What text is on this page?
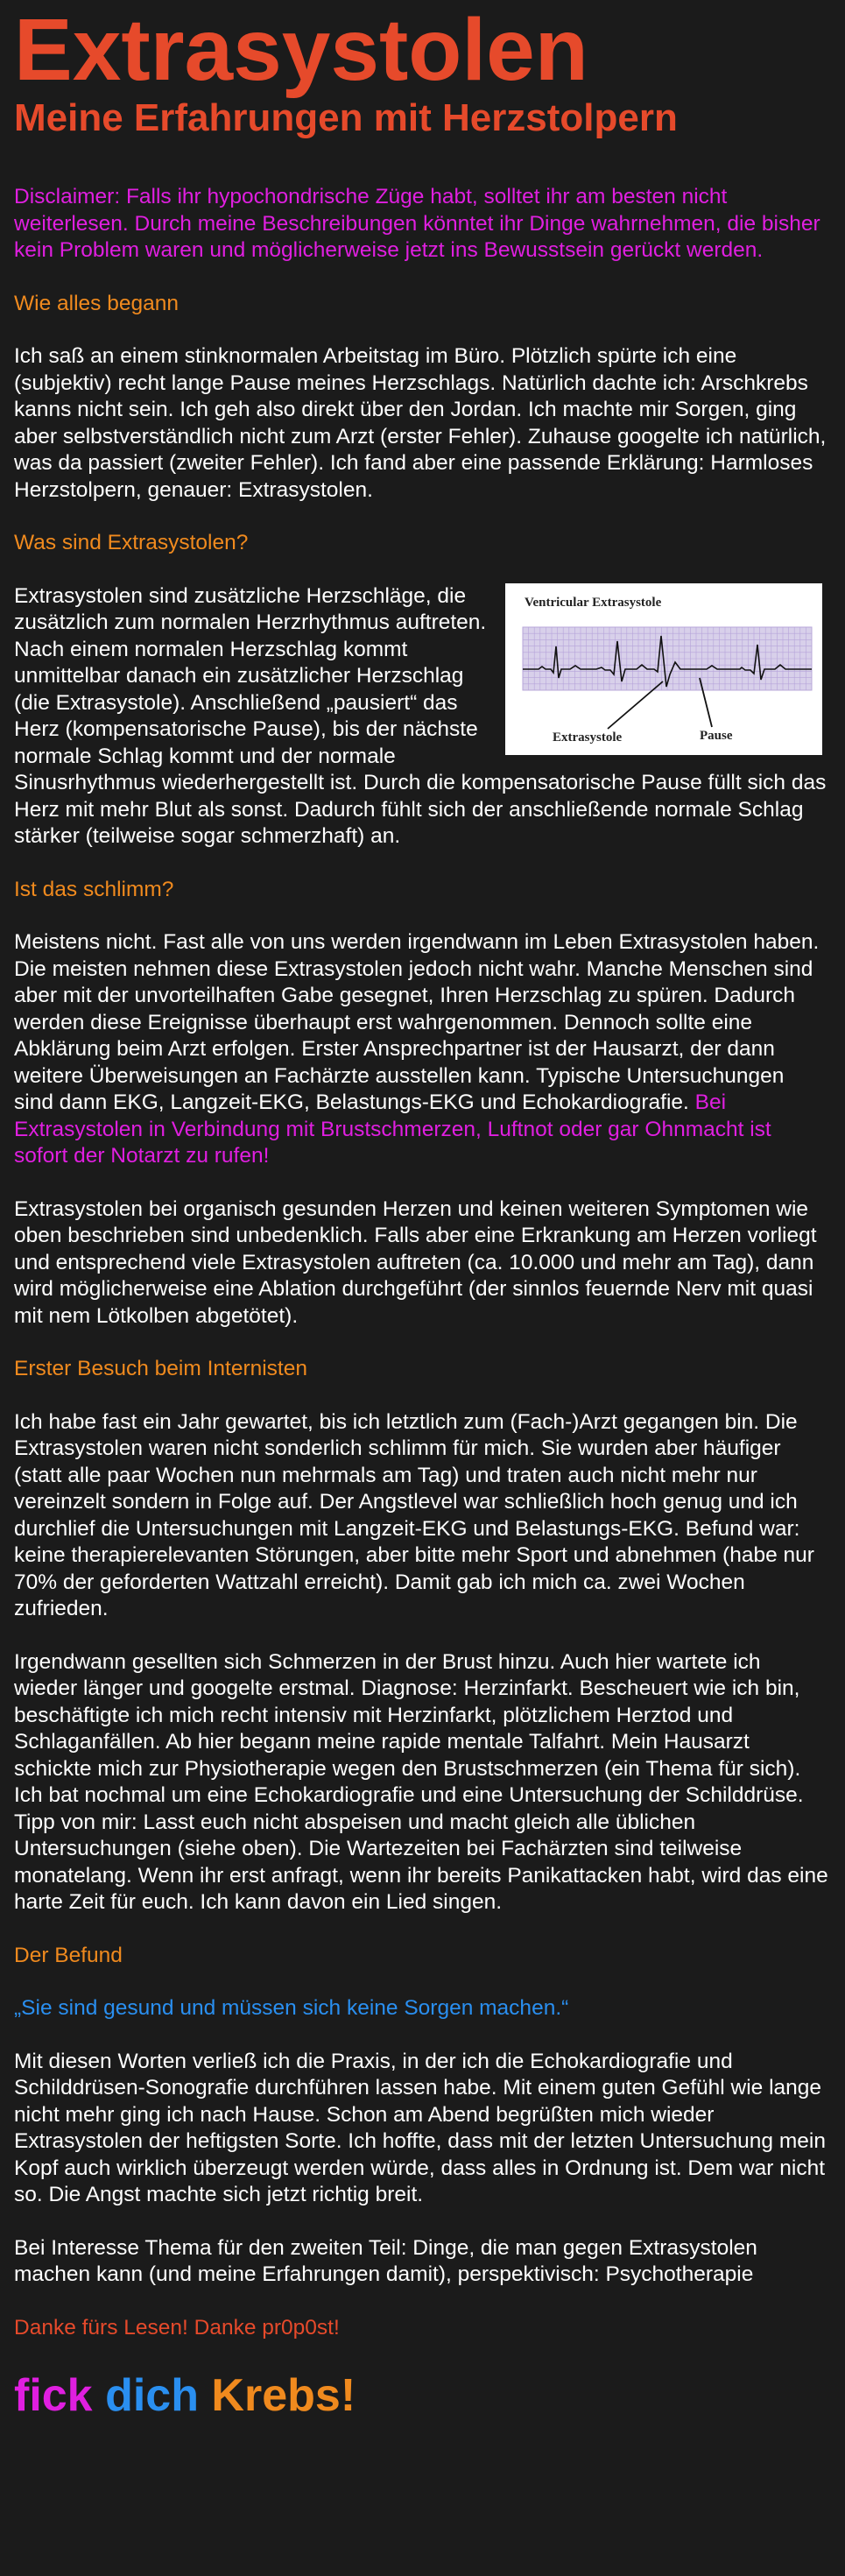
Extrasystolen
Meine Erfahrungen mit Herzstolpern

Disclaimer: Falls ihr hypochondrische Züge habt, solltet ihr am besten nicht weiterlesen. Durch meine Beschreibungen könntet ihr Dinge wahrnehmen, die bisher kein Problem waren und möglicherweise jetzt ins Bewusstsein gerückt werden.

Wie alles begann

Ich saß an einem stinknormalen Arbeitstag im Büro. Plötzlich spürte ich eine (subjektiv) recht lange Pause meines Herzschlags. Natürlich dachte ich: Arschkrebs kanns nicht sein. Ich geh also direkt über den Jordan. Ich machte mir Sorgen, ging aber selbstverständlich nicht zum Arzt (erster Fehler). Zuhause googelte ich natürlich, was da passiert (zweiter Fehler). Ich fand aber eine passende Erklärung: Harmloses Herzstolpern, genauer: Extrasystolen.

Was sind Extrasystolen?

Ventricular Extrasystole
Extrasystole	Pause

Extrasystolen sind zusätzliche Herzschläge, die zusätzlich zum normalen Herzrhythmus auftreten. Nach einem normalen Herzschlag kommt unmittelbar danach ein zusätzlicher Herzschlag (die Extrasystole). Anschließend „pausiert“ das Herz (kompensatorische Pause), bis der nächste normale Schlag kommt und der normale Sinusrhythmus wiederhergestellt ist. Durch die kompensatorische Pause füllt sich das Herz mit mehr Blut als sonst. Dadurch fühlt sich der anschließende normale Schlag stärker (teilweise sogar schmerzhaft) an.

Ist das schlimm?

Meistens nicht. Fast alle von uns werden irgendwann im Leben Extrasystolen haben. Die meisten nehmen diese Extrasystolen jedoch nicht wahr. Manche Menschen sind aber mit der unvorteilhaften Gabe gesegnet, Ihren Herzschlag zu spüren. Dadurch werden diese Ereignisse überhaupt erst wahrgenommen. Dennoch sollte eine Abklärung beim Arzt erfolgen. Erster Ansprechpartner ist der Hausarzt, der dann weitere Überweisungen an Fachärzte ausstellen kann. Typische Untersuchungen sind dann EKG, Langzeit-EKG, Belastungs-EKG und Echokardiografie. Bei Extrasystolen in Verbindung mit Brustschmerzen, Luftnot oder gar Ohnmacht ist sofort der Notarzt zu rufen!

Extrasystolen bei organisch gesunden Herzen und keinen weiteren Symptomen wie oben beschrieben sind unbedenklich. Falls aber eine Erkrankung am Herzen vorliegt und entsprechend viele Extrasystolen auftreten (ca. 10.000 und mehr am Tag), dann wird möglicherweise eine Ablation durchgeführt (der sinnlos feuernde Nerv mit quasi mit nem Lötkolben abgetötet).

Erster Besuch beim Internisten

Ich habe fast ein Jahr gewartet, bis ich letztlich zum (Fach-)Arzt gegangen bin. Die Extrasystolen waren nicht sonderlich schlimm für mich. Sie wurden aber häufiger (statt alle paar Wochen nun mehrmals am Tag) und traten auch nicht mehr nur vereinzelt sondern in Folge auf. Der Angstlevel war schließlich hoch genug und ich durchlief die Untersuchungen mit Langzeit-EKG und Belastungs-EKG. Befund war: keine therapierelevanten Störungen, aber bitte mehr Sport und abnehmen (habe nur 70% der geforderten Wattzahl erreicht). Damit gab ich mich ca. zwei Wochen zufrieden.

Irgendwann gesellten sich Schmerzen in der Brust hinzu. Auch hier wartete ich wieder länger und googelte erstmal. Diagnose: Herzinfarkt. Bescheuert wie ich bin, beschäftigte ich mich recht intensiv mit Herzinfarkt, plötzlichem Herztod und Schlaganfällen. Ab hier begann meine rapide mentale Talfahrt. Mein Hausarzt schickte mich zur Physiotherapie wegen den Brustschmerzen (ein Thema für sich). Ich bat nochmal um eine Echokardiografie und eine Untersuchung der Schilddrüse. Tipp von mir: Lasst euch nicht abspeisen und macht gleich alle üblichen Untersuchungen (siehe oben). Die Wartezeiten bei Fachärzten sind teilweise monatelang. Wenn ihr erst anfragt, wenn ihr bereits Panikattacken habt, wird das eine harte Zeit für euch. Ich kann davon ein Lied singen.

Der Befund

„Sie sind gesund und müssen sich keine Sorgen machen.“

Mit diesen Worten verließ ich die Praxis, in der ich die Echokardiografie und Schilddrüsen-Sonografie durchführen lassen habe. Mit einem guten Gefühl wie lange nicht mehr ging ich nach Hause. Schon am Abend begrüßten mich wieder Extrasystolen der heftigsten Sorte. Ich hoffte, dass mit der letzten Untersuchung mein Kopf auch wirklich überzeugt werden würde, dass alles in Ordnung ist. Dem war nicht so. Die Angst machte sich jetzt richtig breit.

Bei Interesse Thema für den zweiten Teil: Dinge, die man gegen Extrasystolen machen kann (und meine Erfahrungen damit), perspektivisch: Psychotherapie

Danke fürs Lesen! Danke pr0p0st!

fick dich Krebs!
